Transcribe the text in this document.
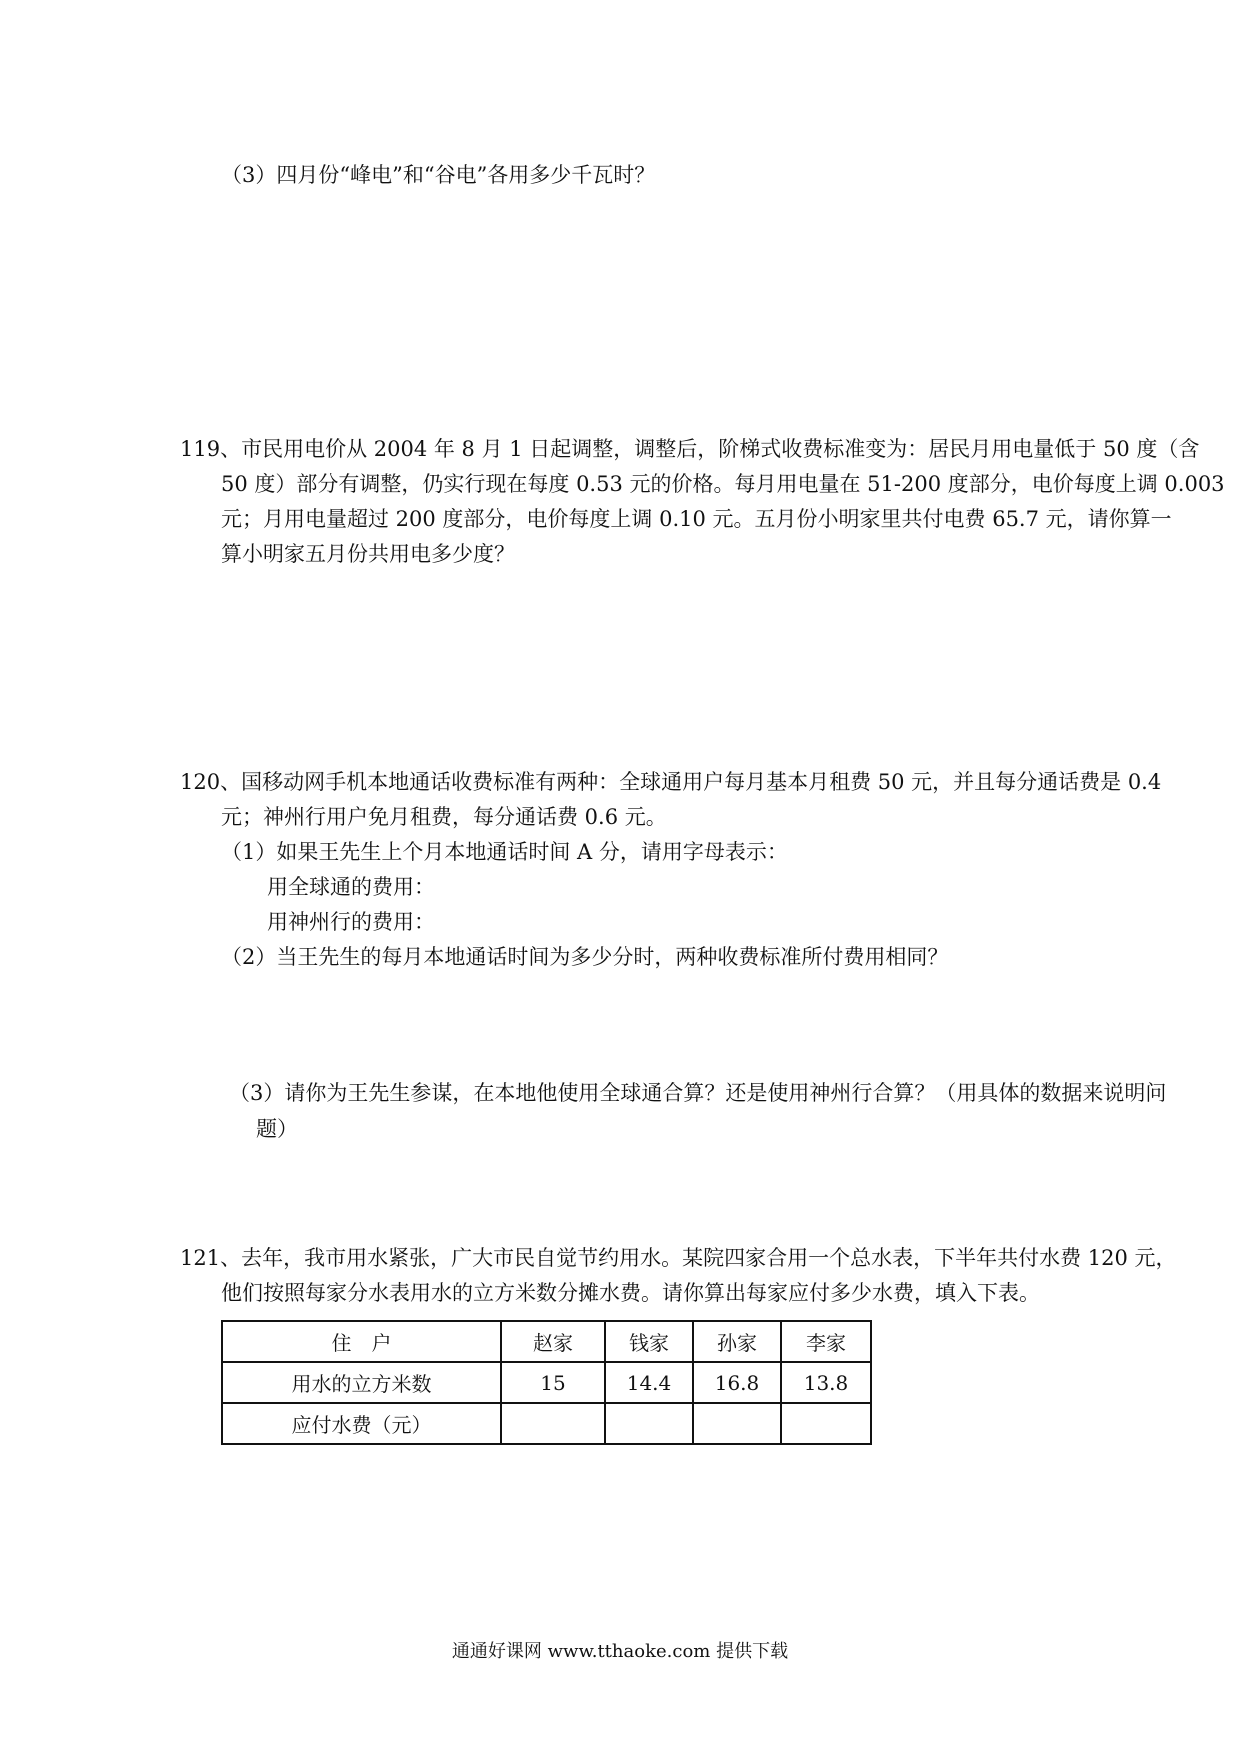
（3）四月份“峰电”和“谷电”各用多少千瓦时？
119、市民用电价从 2004 年 8 月 1 日起调整，调整后，阶梯式收费标准变为：居民月用电量低于 50 度（含
50 度）部分有调整，仍实行现在每度 0.53 元的价格。每月用电量在 51-200 度部分，电价每度上调 0.003
元；月用电量超过 200 度部分，电价每度上调 0.10 元。五月份小明家里共付电费 65.7 元，请你算一
算小明家五月份共用电多少度？
120、国移动网手机本地通话收费标准有两种：全球通用户每月基本月租费 50 元，并且每分通话费是 0.4
元；神州行用户免月租费，每分通话费 0.6 元。
（1）如果王先生上个月本地通话时间 A 分，请用字母表示：
用全球通的费用：
用神州行的费用：
（2）当王先生的每月本地通话时间为多少分时，两种收费标准所付费用相同？
（3）请你为王先生参谋，在本地他使用全球通合算？还是使用神州行合算？（用具体的数据来说明问
题）
121、去年，我市用水紧张，广大市民自觉节约用水。某院四家合用一个总水表，下半年共付水费 120 元，
他们按照每家分水表用水的立方米数分摊水费。请你算出每家应付多少水费，填入下表。
住　户	赵家	钱家	孙家	李家
用水的立方米数	15	14.4	16.8	13.8
应付水费（元）				
通通好课网 www.tthaoke.com 提供下载
